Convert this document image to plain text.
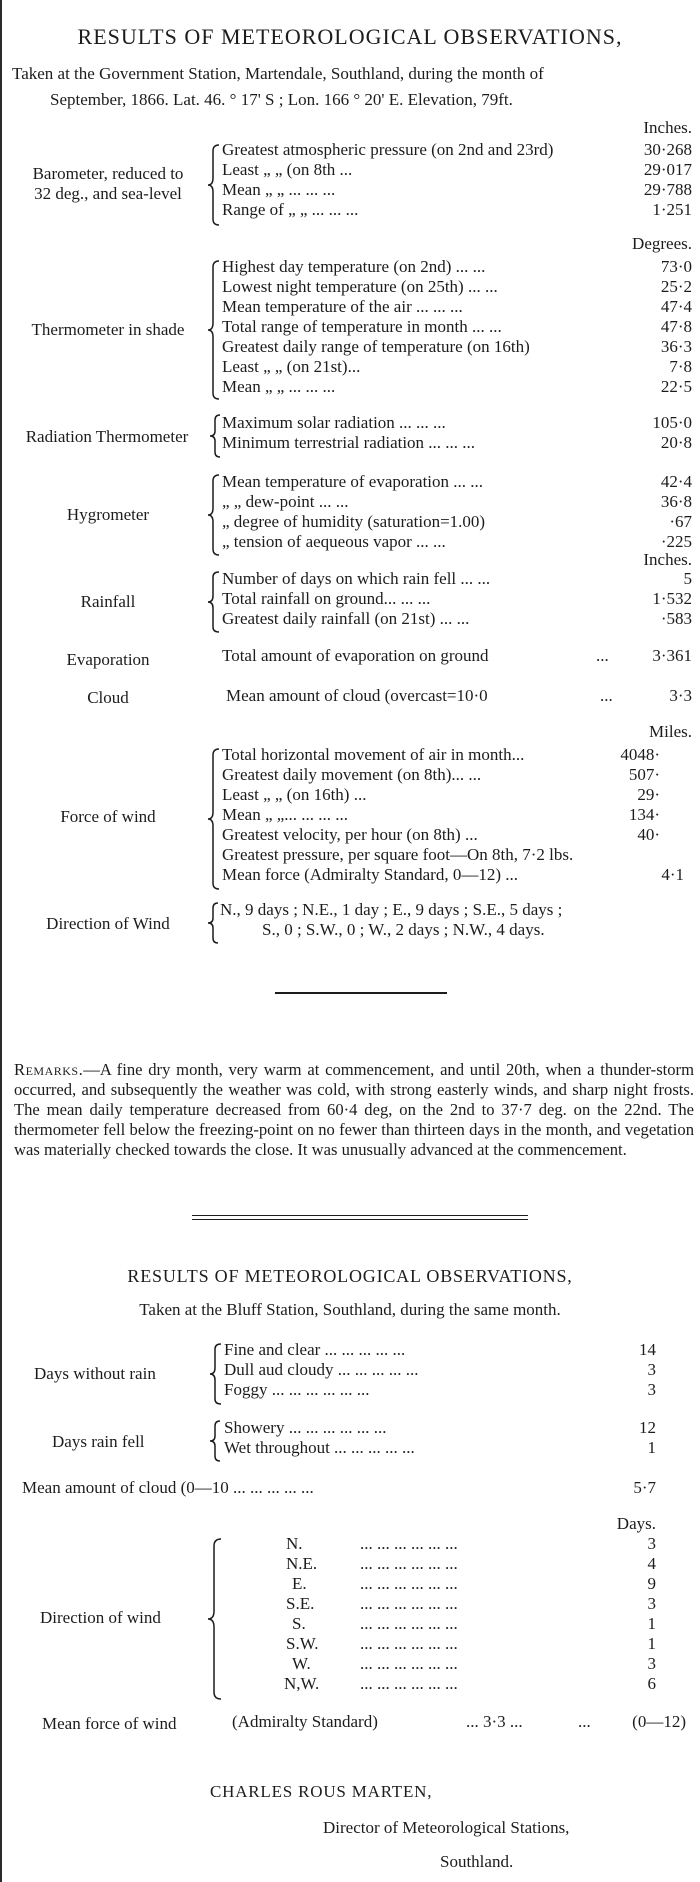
RESULTS OF METEOROLOGICAL OBSERVATIONS,
Taken at the Government Station, Martendale, Southland, during the month of
September, 1866. Lat. 46. ° 17' S ; Lon. 166 ° 20' E. Elevation, 79ft.
Inches.
Barometer, reduced to
32 deg., and sea-level
Greatest atmospheric pressure (on 2nd and 23rd)	30·268
Least „ „ (on 8th ...	29·017
Mean „ „ ... ... ...	29·788
Range of „ „ ... ... ...	1·251
Degrees.
Thermometer in shade
Highest day temperature (on 2nd) ... ...	73·0
Lowest night temperature (on 25th) ... ...	25·2
Mean temperature of the air ... ... ...	47·4
Total range of temperature in month ... ...	47·8
Greatest daily range of temperature (on 16th)	36·3
Least „ „ (on 21st)...	7·8
Mean „ „ ... ... ...	22·5
Radiation Thermometer
Maximum solar radiation ... ... ...	105·0
Minimum terrestrial radiation ... ... ...	20·8
Hygrometer
Mean temperature of evaporation ... ...	42·4
„ „ dew-point ... ...	36·8
„ degree of humidity (saturation=1.00)	·67
„ tension of aequeous vapor ... ...	·225
Inches.
Rainfall
Number of days on which rain fell ... ...	5
Total rainfall on ground... ... ...	1·532
Greatest daily rainfall (on 21st) ... ...	·583
Evaporation	Total amount of evaporation on ground	...	3·361
Cloud	Mean amount of cloud (overcast=10·0	...	3·3
Miles.
Force of wind
Total horizontal movement of air in month...	4048·
Greatest daily movement (on 8th)... ...	507·
Least „ „ (on 16th) ...	29·
Mean „ „... ... ... ...	134·
Greatest velocity, per hour (on 8th) ...	40·
Greatest pressure, per square foot—On 8th, 7·2 lbs.
Mean force (Admiralty Standard, 0—12) ...	4·1
Direction of Wind
N., 9 days ; N.E., 1 day ; E., 9 days ; S.E., 5 days ;
S., 0 ; S.W., 0 ; W., 2 days ; N.W., 4 days.
Remarks.—A fine dry month, very warm at commencement, and until 20th, when a thunder-storm occurred, and subsequently the weather was cold, with strong easterly winds, and sharp night frosts. The mean daily temperature decreased from 60·4 deg, on the 2nd to 37·7 deg. on the 22nd. The thermometer fell below the freezing-point on no fewer than thirteen days in the month, and vegetation was materially checked towards the close. It was unusually advanced at the commencement.
RESULTS OF METEOROLOGICAL OBSERVATIONS,
Taken at the Bluff Station, Southland, during the same month.
Days without rain
Fine and clear ... ... ... ... ...	14
Dull aud cloudy ... ... ... ... ...	3
Foggy ... ... ... ... ... ...	3
Days rain fell
Showery ... ... ... ... ... ...	12
Wet throughout ... ... ... ... ...	1
Mean amount of cloud (0—10 ... ... ... ... ...	5·7
Days.
Direction of wind
N.	... ... ... ... ... ...	3
N.E.	... ... ... ... ... ...	4
E.	... ... ... ... ... ...	9
S.E.	... ... ... ... ... ...	3
S.	... ... ... ... ... ...	1
S.W. ... ... ... ... ... ...	1
W.	... ... ... ... ... ...	3
N,W. ... ... ... ... ... ...	6
Mean force of wind	(Admiralty Standard)	... 3·3 ...	...	(0—12)
CHARLES ROUS MARTEN,
Director of Meteorological Stations,
Southland.
